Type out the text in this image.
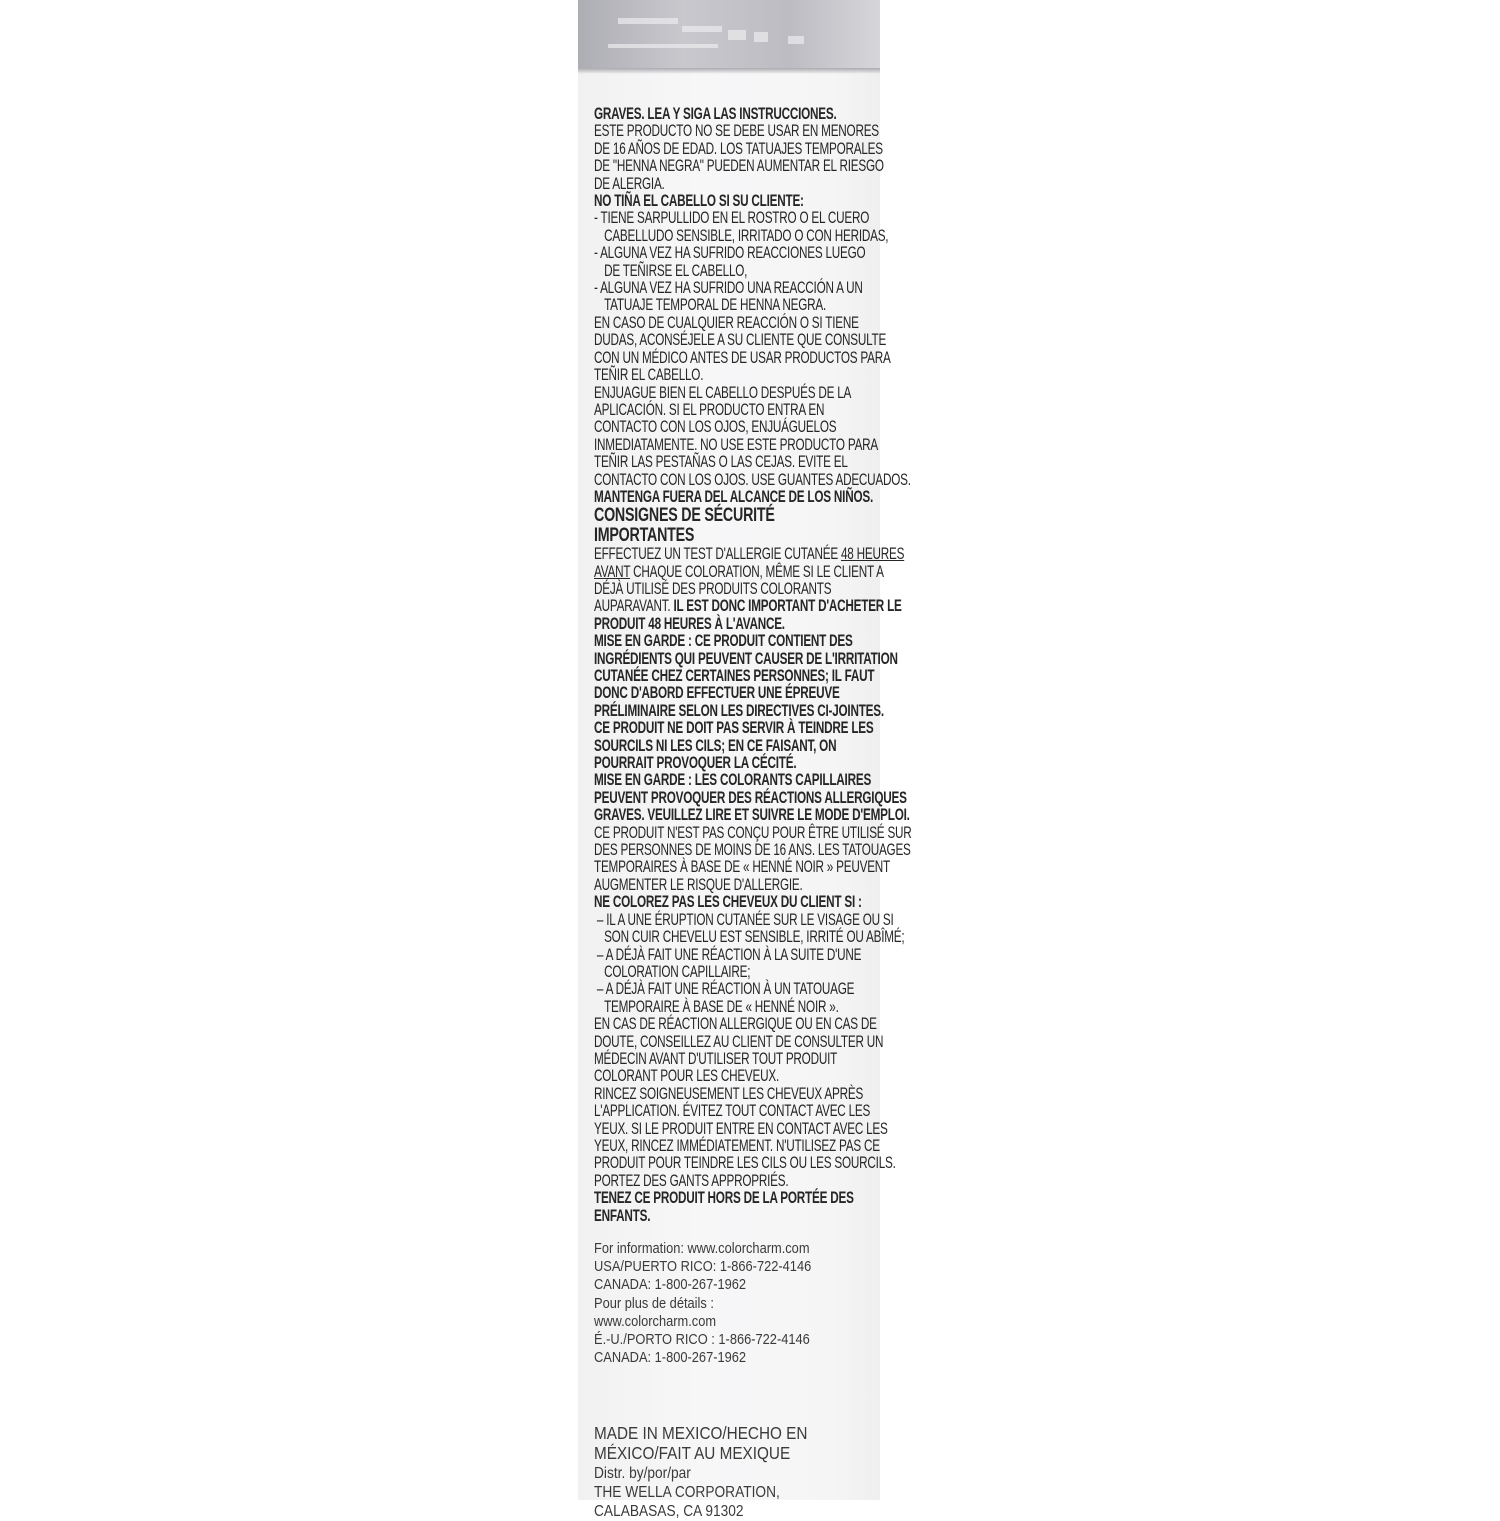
GRAVES. LEA Y SIGA LAS INSTRUCCIONES.
ESTE PRODUCTO NO SE DEBE USAR EN MENORES
DE 16 AÑOS DE EDAD. LOS TATUAJES TEMPORALES
DE "HENNA NEGRA" PUEDEN AUMENTAR EL RIESGO
DE ALERGIA.
NO TIÑA EL CABELLO SI SU CLIENTE:
- TIENE SARPULLIDO EN EL ROSTRO O EL CUERO
CABELLUDO SENSIBLE, IRRITADO O CON HERIDAS,
- ALGUNA VEZ HA SUFRIDO REACCIONES LUEGO
DE TEÑIRSE EL CABELLO,
- ALGUNA VEZ HA SUFRIDO UNA REACCIÓN A UN
TATUAJE TEMPORAL DE HENNA NEGRA.
EN CASO DE CUALQUIER REACCIÓN O SI TIENE
DUDAS, ACONSÉJELE A SU CLIENTE QUE CONSULTE
CON UN MÉDICO ANTES DE USAR PRODUCTOS PARA
TEÑIR EL CABELLO.
ENJUAGUE BIEN EL CABELLO DESPUÉS DE LA
APLICACIÓN. SI EL PRODUCTO ENTRA EN
CONTACTO CON LOS OJOS, ENJUÁGUELOS
INMEDIATAMENTE. NO USE ESTE PRODUCTO PARA
TEÑIR LAS PESTAÑAS O LAS CEJAS. EVITE EL
CONTACTO CON LOS OJOS. USE GUANTES ADECUADOS.
MANTENGA FUERA DEL ALCANCE DE LOS NIÑOS.
CONSIGNES DE SÉCURITÉ
IMPORTANTES
EFFECTUEZ UN TEST D'ALLERGIE CUTANÉE 48 HEURES
AVANT CHAQUE COLORATION, MÊME SI LE CLIENT A
DÉJÀ UTILISÉ DES PRODUITS COLORANTS
AUPARAVANT. IL EST DONC IMPORTANT D'ACHETER LE
PRODUIT 48 HEURES À L'AVANCE.
MISE EN GARDE : CE PRODUIT CONTIENT DES
INGRÉDIENTS QUI PEUVENT CAUSER DE L'IRRITATION
CUTANÉE CHEZ CERTAINES PERSONNES; IL FAUT
DONC D'ABORD EFFECTUER UNE ÉPREUVE
PRÉLIMINAIRE SELON LES DIRECTIVES CI-JOINTES.
CE PRODUIT NE DOIT PAS SERVIR À TEINDRE LES
SOURCILS NI LES CILS; EN CE FAISANT, ON
POURRAIT PROVOQUER LA CÉCITÉ.
MISE EN GARDE : LES COLORANTS CAPILLAIRES
PEUVENT PROVOQUER DES RÉACTIONS ALLERGIQUES
GRAVES. VEUILLEZ LIRE ET SUIVRE LE MODE D'EMPLOI.
CE PRODUIT N'EST PAS CONÇU POUR ÊTRE UTILISÉ SUR
DES PERSONNES DE MOINS DE 16 ANS. LES TATOUAGES
TEMPORAIRES À BASE DE « HENNÉ NOIR » PEUVENT
AUGMENTER LE RISQUE D'ALLERGIE.
NE COLOREZ PAS LES CHEVEUX DU CLIENT SI :
– IL A UNE ÉRUPTION CUTANÉE SUR LE VISAGE OU SI
SON CUIR CHEVELU EST SENSIBLE, IRRITÉ OU ABÎMÉ;
– A DÉJÀ FAIT UNE RÉACTION À LA SUITE D'UNE
COLORATION CAPILLAIRE;
– A DÉJÀ FAIT UNE RÉACTION À UN TATOUAGE
TEMPORAIRE À BASE DE « HENNÉ NOIR ».
EN CAS DE RÉACTION ALLERGIQUE OU EN CAS DE
DOUTE, CONSEILLEZ AU CLIENT DE CONSULTER UN
MÉDECIN AVANT D'UTILISER TOUT PRODUIT
COLORANT POUR LES CHEVEUX.
RINCEZ SOIGNEUSEMENT LES CHEVEUX APRÈS
L'APPLICATION. ÉVITEZ TOUT CONTACT AVEC LES
YEUX. SI LE PRODUIT ENTRE EN CONTACT AVEC LES
YEUX, RINCEZ IMMÉDIATEMENT. N'UTILISEZ PAS CE
PRODUIT POUR TEINDRE LES CILS OU LES SOURCILS.
PORTEZ DES GANTS APPROPRIÉS.
TENEZ CE PRODUIT HORS DE LA PORTÉE DES
ENFANTS.
For information: www.colorcharm.com
USA/PUERTO RICO: 1-866-722-4146
CANADA: 1-800-267-1962
Pour plus de détails :
www.colorcharm.com
É.-U./PORTO RICO : 1-866-722-4146
CANADA: 1-800-267-1962
MADE IN MEXICO/HECHO EN
MÉXICO/FAIT AU MEXIQUE
Distr. by/por/par
THE WELLA CORPORATION,
CALABASAS, CA 91302
